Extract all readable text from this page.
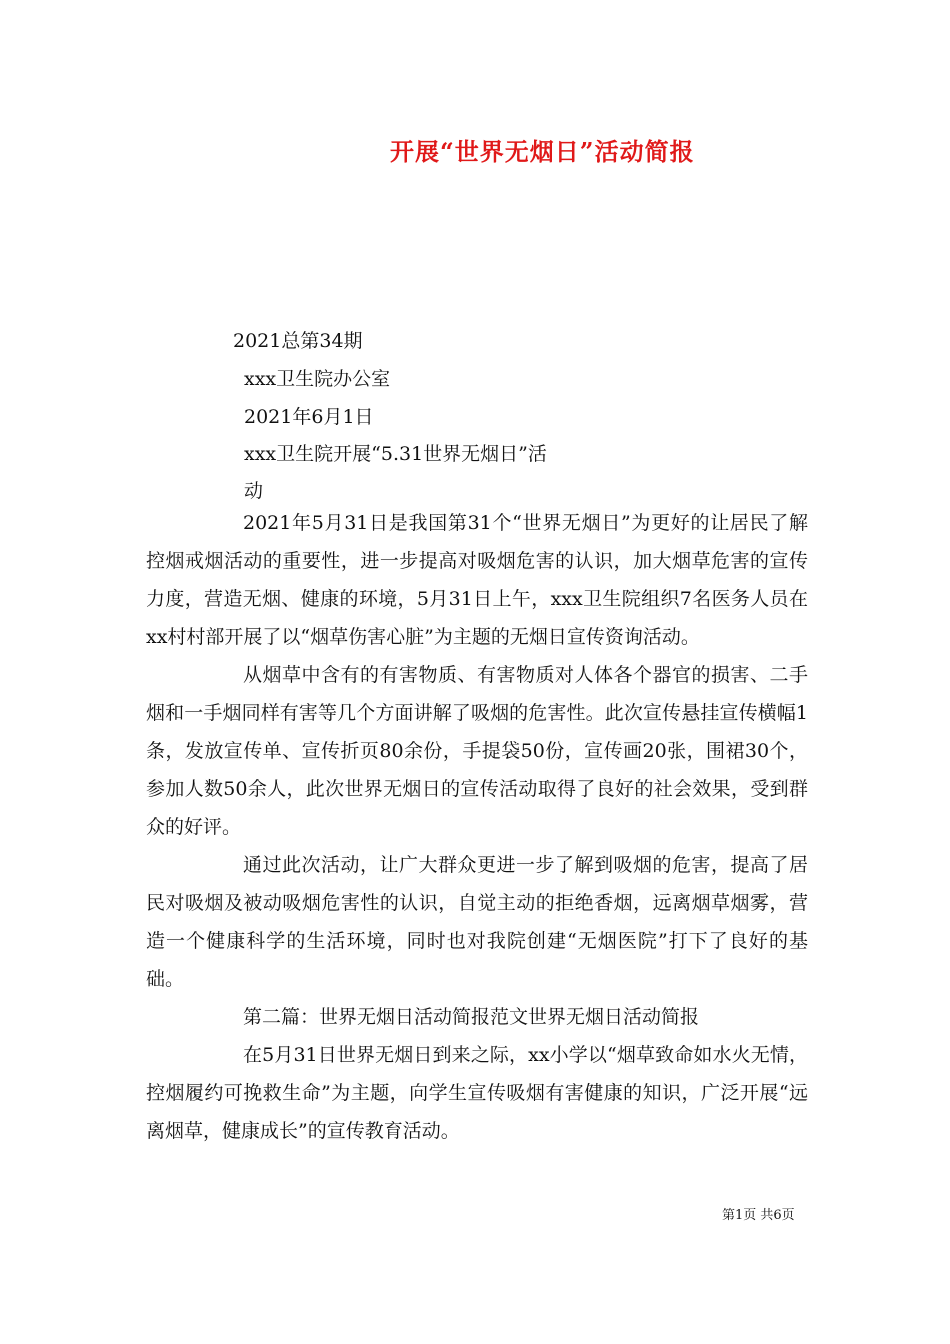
开展“世界无烟日”活动简报
2021总第34期
xxx卫生院办公室
2021年6月1日
xxx卫生院开展“5.31世界无烟日”活
动

2021年5月31日是我国第31个“世界无烟日”为更好的让居民了解控烟戒烟活动的重要性，进一步提高对吸烟危害的认识，加大烟草危害的宣传力度，营造无烟、健康的环境，5月31日上午，xxx卫生院组织7名医务人员在xx村村部开展了以“烟草伤害心脏”为主题的无烟日宣传资询活动。

从烟草中含有的有害物质、有害物质对人体各个器官的损害、二手烟和一手烟同样有害等几个方面讲解了吸烟的危害性。此次宣传悬挂宣传横幅1条，发放宣传单、宣传折页80余份，手提袋50份，宣传画20张，围裙30个，参加人数50余人，此次世界无烟日的宣传活动取得了良好的社会效果，受到群众的好评。

通过此次活动，让广大群众更进一步了解到吸烟的危害，提高了居民对吸烟及被动吸烟危害性的认识，自觉主动的拒绝香烟，远离烟草烟雾，营造一个健康科学的生活环境，同时也对我院创建“无烟医院”打下了良好的基础。

第二篇：世界无烟日活动简报范文世界无烟日活动简报

在5月31日世界无烟日到来之际，xx小学以“烟草致命如水火无情，控烟履约可挽救生命”为主题，向学生宣传吸烟有害健康的知识，广泛开展“远离烟草，健康成长”的宣传教育活动。

第1页 共6页
